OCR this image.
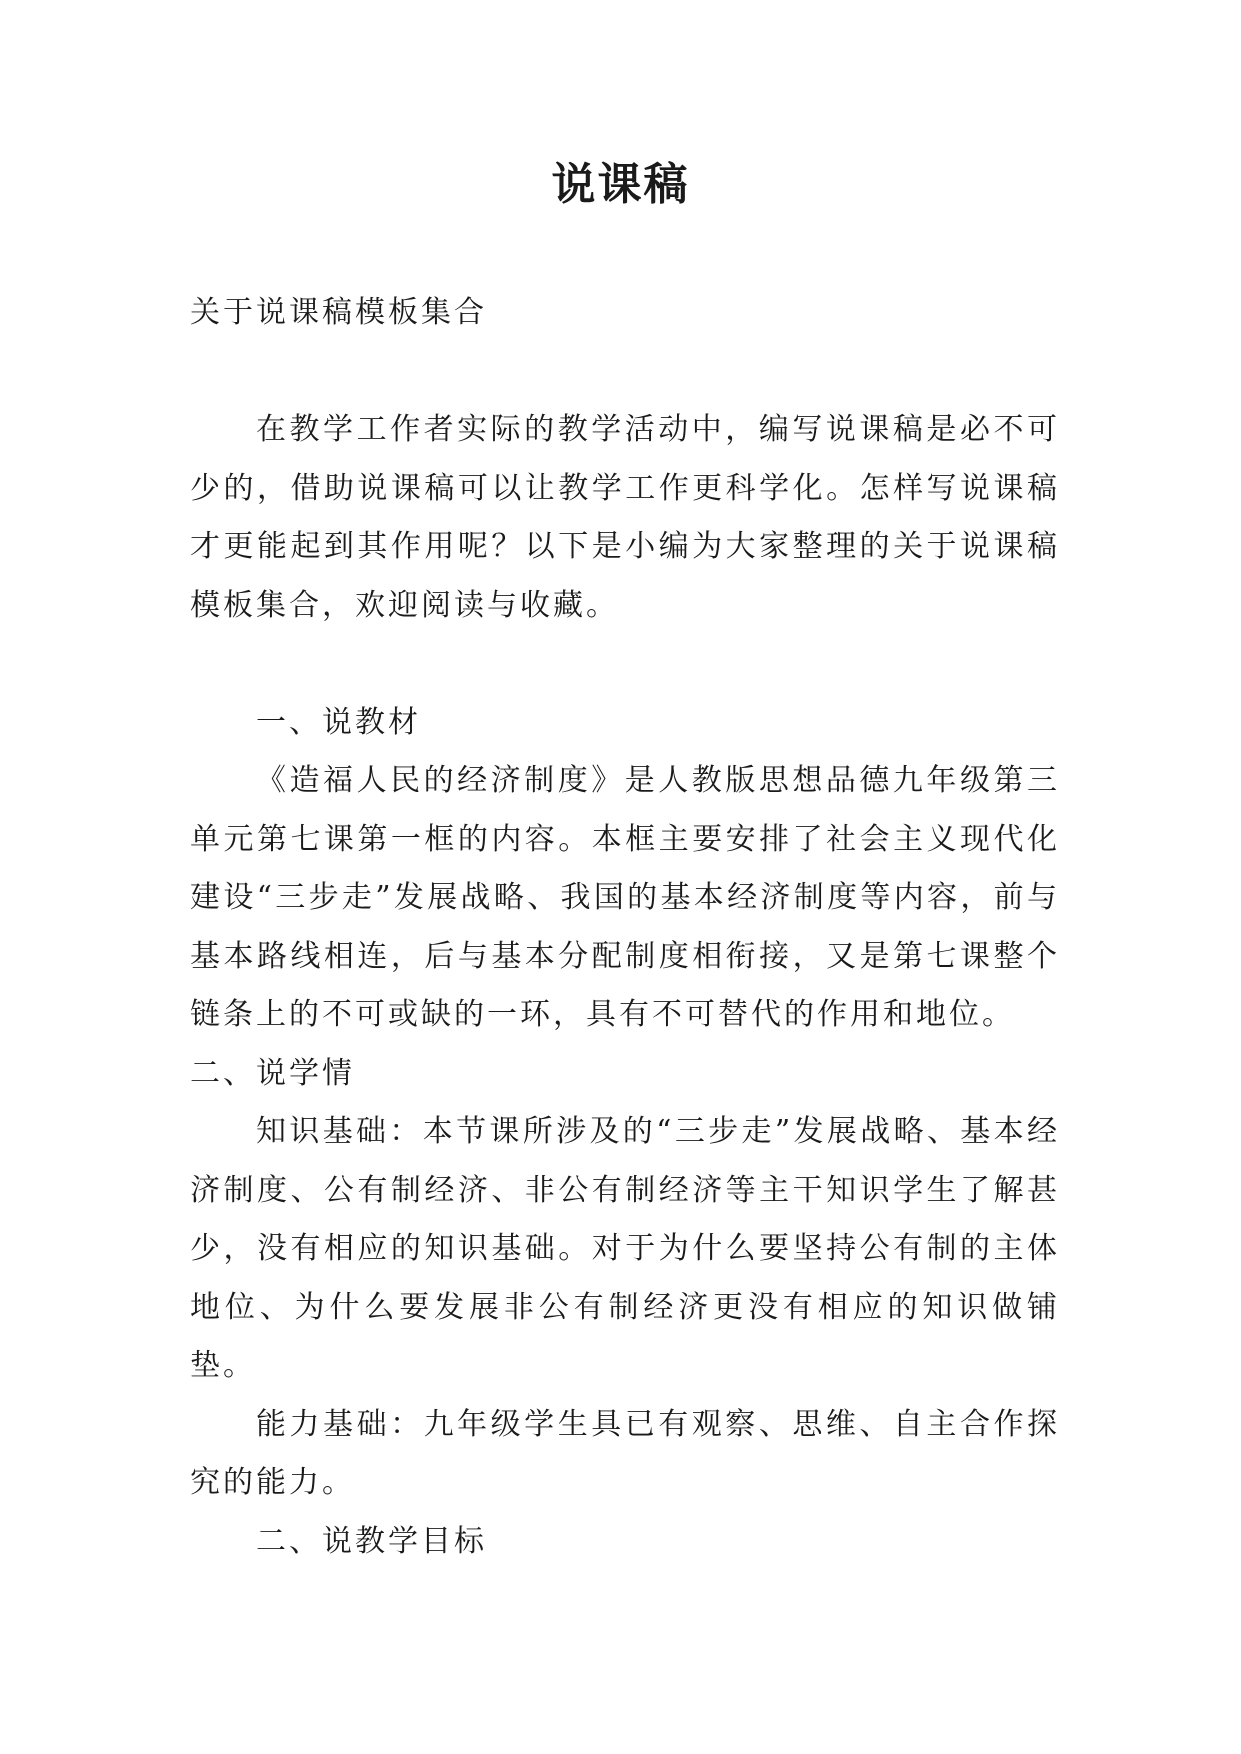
说课稿

关于说课稿模板集合

在教学工作者实际的教学活动中，编写说课稿是必不可少的，借助说课稿可以让教学工作更科学化。怎样写说课稿才更能起到其作用呢？以下是小编为大家整理的关于说课稿模板集合，欢迎阅读与收藏。

一、说教材

《造福人民的经济制度》是人教版思想品德九年级第三单元第七课第一框的内容。本框主要安排了社会主义现代化建设“三步走”发展战略、我国的基本经济制度等内容，前与基本路线相连，后与基本分配制度相衔接，又是第七课整个链条上的不可或缺的一环，具有不可替代的作用和地位。

二、说学情

知识基础：本节课所涉及的“三步走”发展战略、基本经济制度、公有制经济、非公有制经济等主干知识学生了解甚少，没有相应的知识基础。对于为什么要坚持公有制的主体地位、为什么要发展非公有制经济更没有相应的知识做铺垫。

能力基础：九年级学生具已有观察、思维、自主合作探究的能力。

二、说教学目标
